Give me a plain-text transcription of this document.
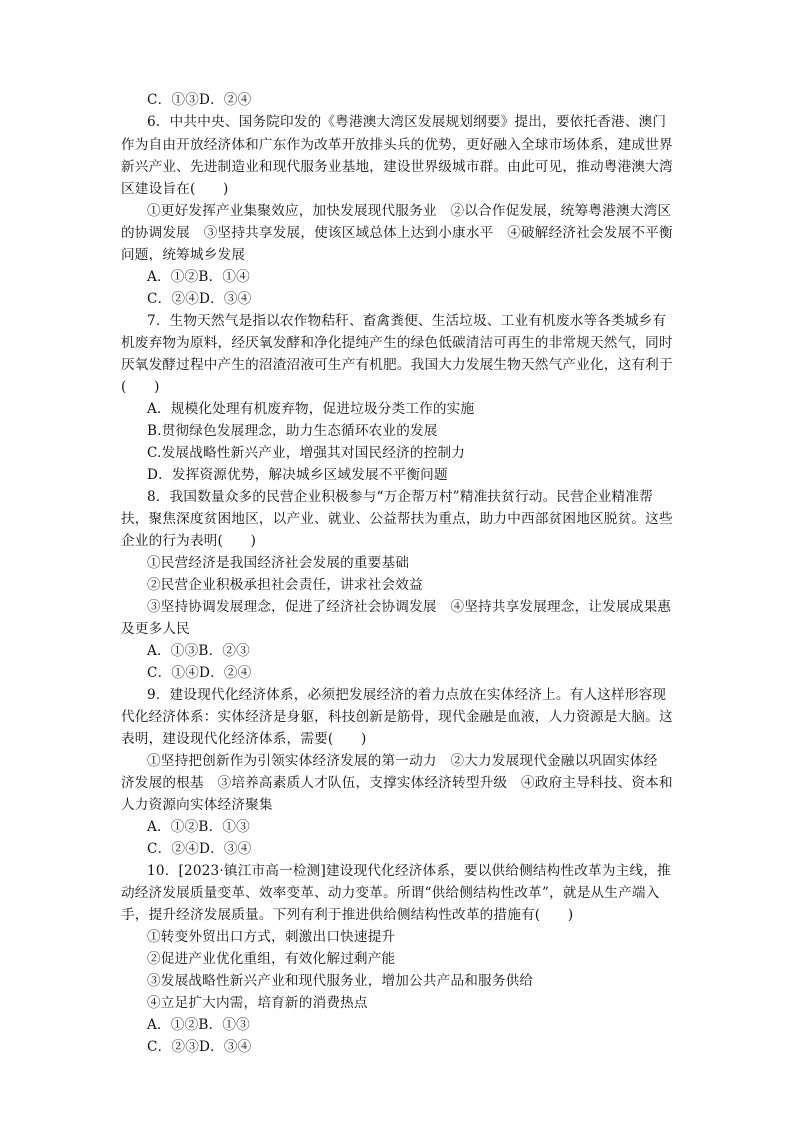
C．①③D．②④
6．中共中央、国务院印发的《粤港澳大湾区发展规划纲要》提出，要依托香港、澳门
作为自由开放经济体和广东作为改革开放排头兵的优势，更好融入全球市场体系，建成世界
新兴产业、先进制造业和现代服务业基地，建设世界级城市群。由此可见，推动粤港澳大湾
区建设旨在(　　)
①更好发挥产业集聚效应，加快发展现代服务业　②以合作促发展，统筹粤港澳大湾区
的协调发展　③坚持共享发展，使该区域总体上达到小康水平　④破解经济社会发展不平衡
问题，统筹城乡发展
A．①②B．①④
C．②④D．③④
7．生物天然气是指以农作物秸秆、畜禽粪便、生活垃圾、工业有机废水等各类城乡有
机废弃物为原料，经厌氧发酵和净化提纯产生的绿色低碳清洁可再生的非常规天然气，同时
厌氧发酵过程中产生的沼渣沼液可生产有机肥。我国大力发展生物天然气产业化，这有利于
(　　)
A．规模化处理有机废弃物，促进垃圾分类工作的实施
B.贯彻绿色发展理念，助力生态循环农业的发展
C.发展战略性新兴产业，增强其对国民经济的控制力
D．发挥资源优势，解决城乡区域发展不平衡问题
8．我国数量众多的民营企业积极参与“万企帮万村”精准扶贫行动。民营企业精准帮
扶，聚焦深度贫困地区，以产业、就业、公益帮扶为重点，助力中西部贫困地区脱贫。这些
企业的行为表明(　　)
①民营经济是我国经济社会发展的重要基础
②民营企业积极承担社会责任，讲求社会效益
③坚持协调发展理念，促进了经济社会协调发展　④坚持共享发展理念，让发展成果惠
及更多人民
A．①③B．②③
C．①④D．②④
9．建设现代化经济体系，必须把发展经济的着力点放在实体经济上。有人这样形容现
代化经济体系：实体经济是身躯，科技创新是筋骨，现代金融是血液，人力资源是大脑。这
表明，建设现代化经济体系，需要(　　)
①坚持把创新作为引领实体经济发展的第一动力　②大力发展现代金融以巩固实体经
济发展的根基　③培养高素质人才队伍，支撑实体经济转型升级　④政府主导科技、资本和
人力资源向实体经济聚集
A．①②B．①③
C．②④D．③④
10．[2023·镇江市高一检测]建设现代化经济体系，要以供给侧结构性改革为主线，推
动经济发展质量变革、效率变革、动力变革。所谓“供给侧结构性改革”，就是从生产端入
手，提升经济发展质量。下列有利于推进供给侧结构性改革的措施有(　　)
①转变外贸出口方式，刺激出口快速提升
②促进产业优化重组，有效化解过剩产能
③发展战略性新兴产业和现代服务业，增加公共产品和服务供给
④立足扩大内需，培育新的消费热点
A．①②B．①③
C．②③D．③④
